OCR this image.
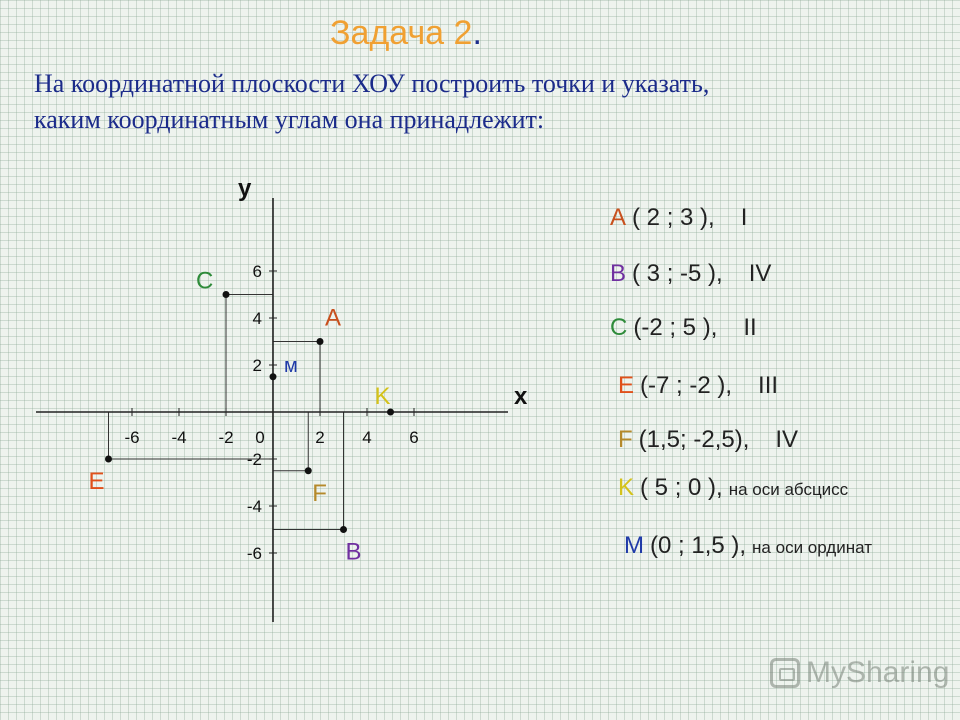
Задача 2.
На координатной плоскости ХОУ построить точки и указать,
каким координатным углам она принадлежит:
x
y
-6 -4 -2	2 4 6
0
6
4
2
-2
-4
-6
A
B
C
E	F
K
м
A ( 2 ; 3 ), I
B ( 3 ; -5 ), IV
C (-2 ; 5 ), II
E (-7 ; -2 ), III
F (1,5; -2,5), IV
K ( 5 ; 0 ), на оси абсцисс
M (0 ; 1,5 ), на оси ординат
MySharing
